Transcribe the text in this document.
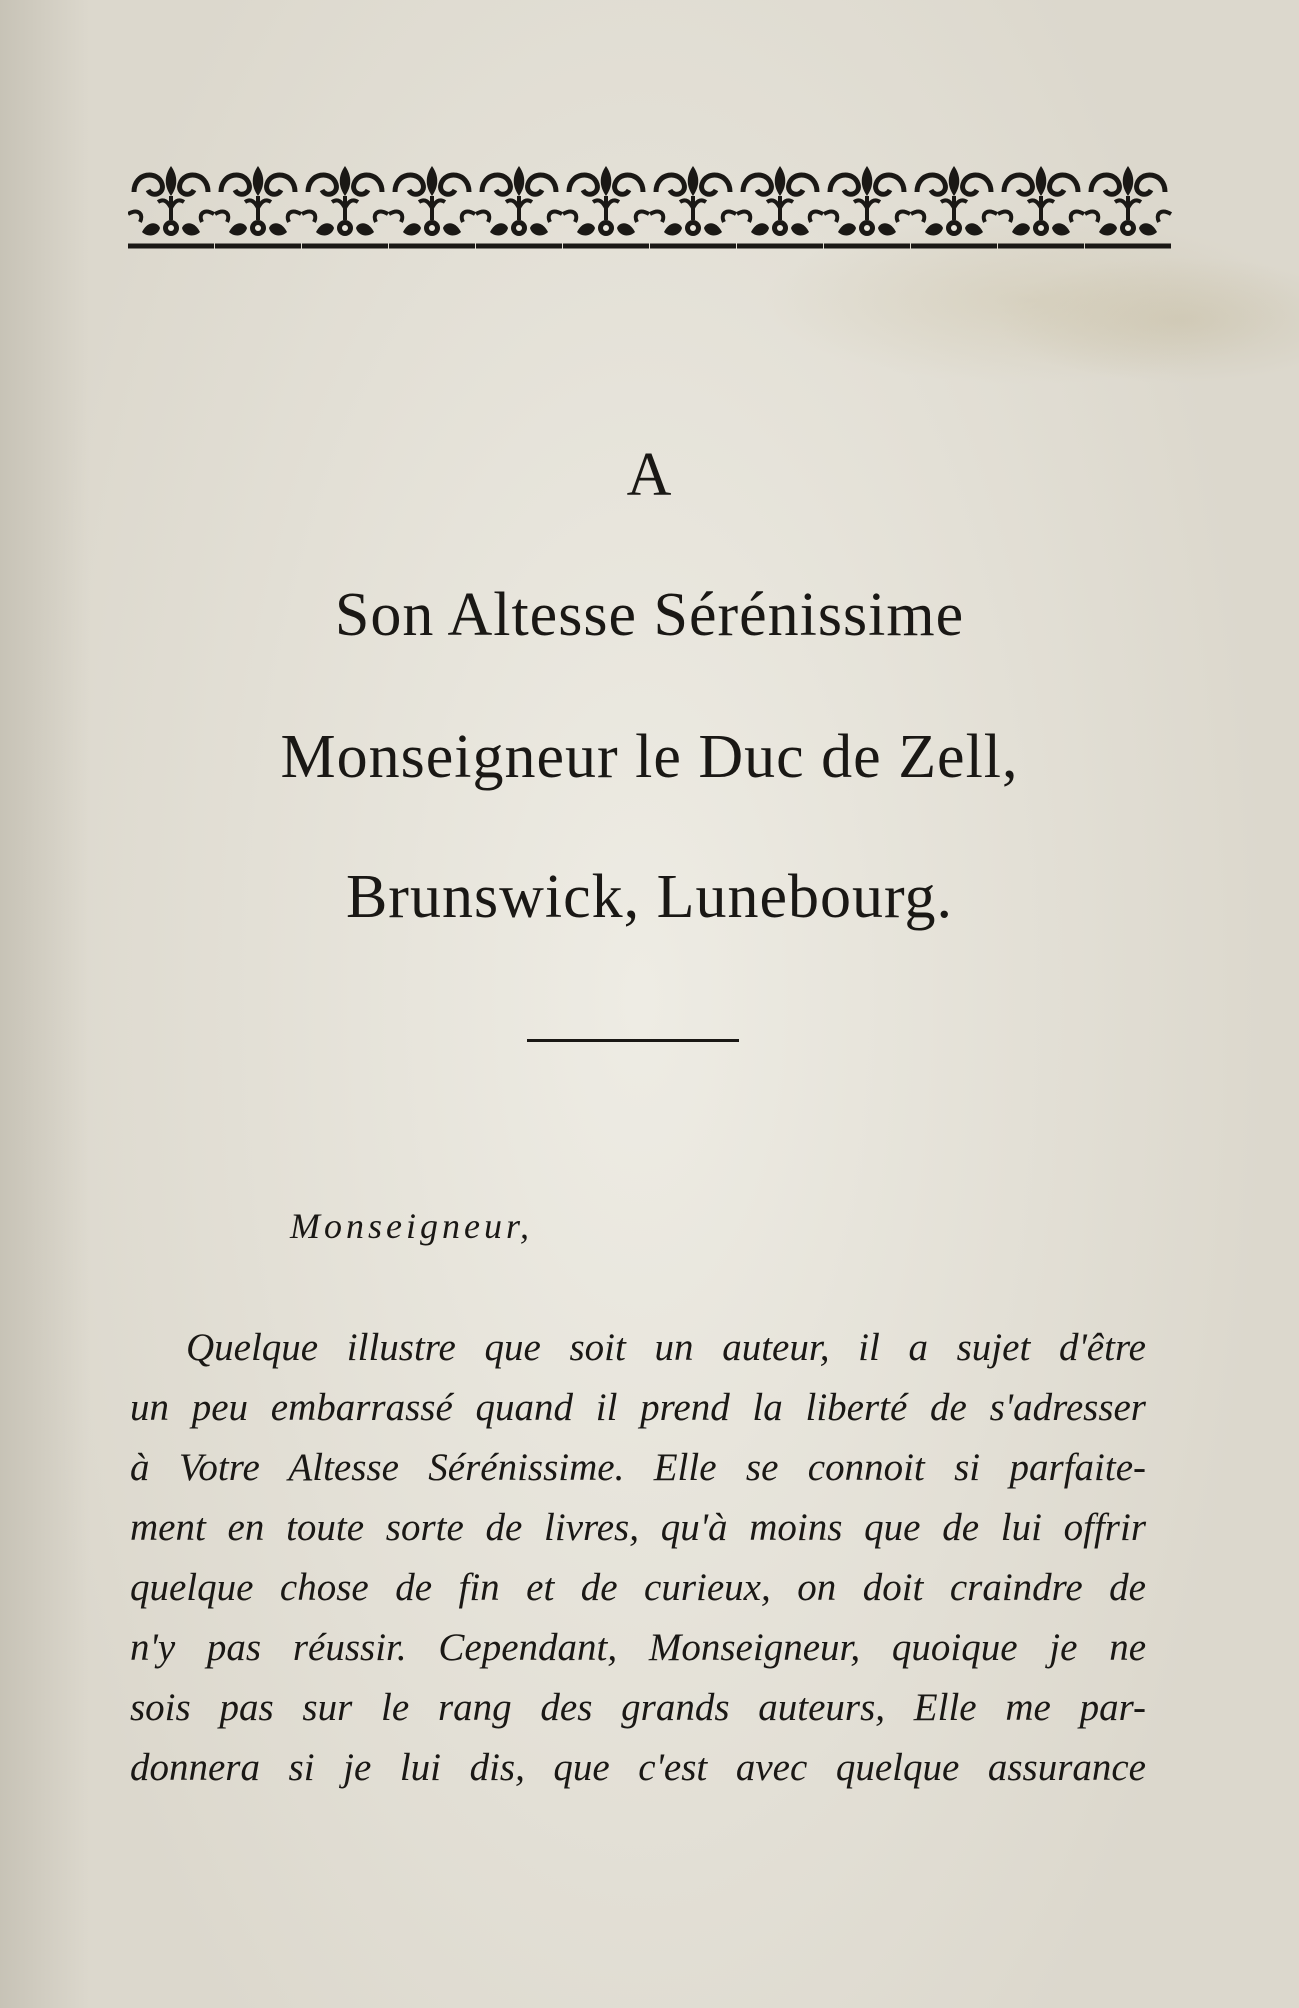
A
Son Altesse Sérénissime
Monseigneur le Duc de Zell,
Brunswick, Lunebourg.
Monseigneur,
Quelque illustre que soit un auteur, il a sujet d'être
un peu embarrassé quand il prend la liberté de s'adresser
à Votre Altesse Sérénissime. Elle se connoit si parfaite-
ment en toute sorte de livres, qu'à moins que de lui offrir
quelque chose de fin et de curieux, on doit craindre de
n'y pas réussir. Cependant, Monseigneur, quoique je ne
sois pas sur le rang des grands auteurs, Elle me par-
donnera si je lui dis, que c'est avec quelque assurance
